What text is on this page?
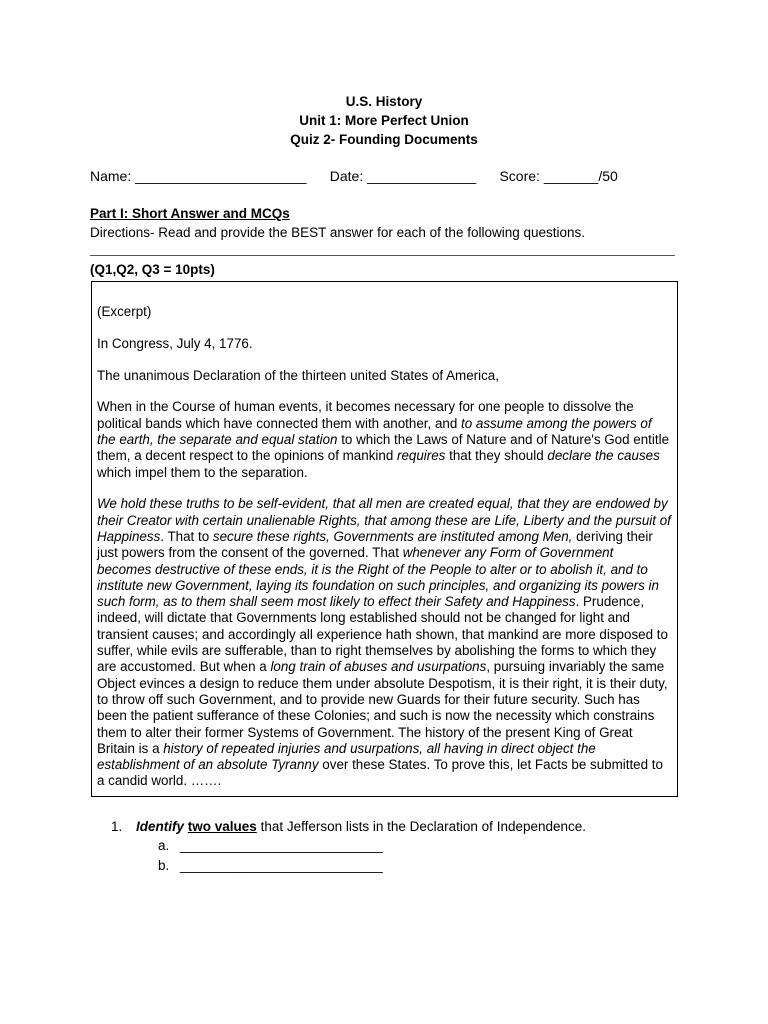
U.S. History
Unit 1: More Perfect Union
Quiz 2- Founding Documents
Name: ______________________ Date: ______________ Score: _______/50
Part I: Short Answer and MCQs
Directions- Read and provide the BEST answer for each of the following questions.
(Q1,Q2, Q3 = 10pts)

(Excerpt)

In Congress, July 4, 1776.

The unanimous Declaration of the thirteen united States of America,

When in the Course of human events, it becomes necessary for one people to dissolve the political bands which have connected them with another, and to assume among the powers of the earth, the separate and equal station to which the Laws of Nature and of Nature's God entitle them, a decent respect to the opinions of mankind requires that they should declare the causes which impel them to the separation.

We hold these truths to be self-evident, that all men are created equal, that they are endowed by their Creator with certain unalienable Rights, that among these are Life, Liberty and the pursuit of Happiness. That to secure these rights, Governments are instituted among Men, deriving their just powers from the consent of the governed. That whenever any Form of Government becomes destructive of these ends, it is the Right of the People to alter or to abolish it, and to institute new Government, laying its foundation on such principles, and organizing its powers in such form, as to them shall seem most likely to effect their Safety and Happiness. Prudence, indeed, will dictate that Governments long established should not be changed for light and transient causes; and accordingly all experience hath shown, that mankind are more disposed to suffer, while evils are sufferable, than to right themselves by abolishing the forms to which they are accustomed. But when a long train of abuses and usurpations, pursuing invariably the same Object evinces a design to reduce them under absolute Despotism, it is their right, it is their duty, to throw off such Government, and to provide new Guards for their future security. Such has been the patient sufferance of these Colonies; and such is now the necessity which constrains them to alter their former Systems of Government. The history of the present King of Great Britain is a history of repeated injuries and usurpations, all having in direct object the establishment of an absolute Tyranny over these States. To prove this, let Facts be submitted to a candid world. …….

1. Identify two values that Jefferson lists in the Declaration of Independence.
a. ___________________________
b. ___________________________
